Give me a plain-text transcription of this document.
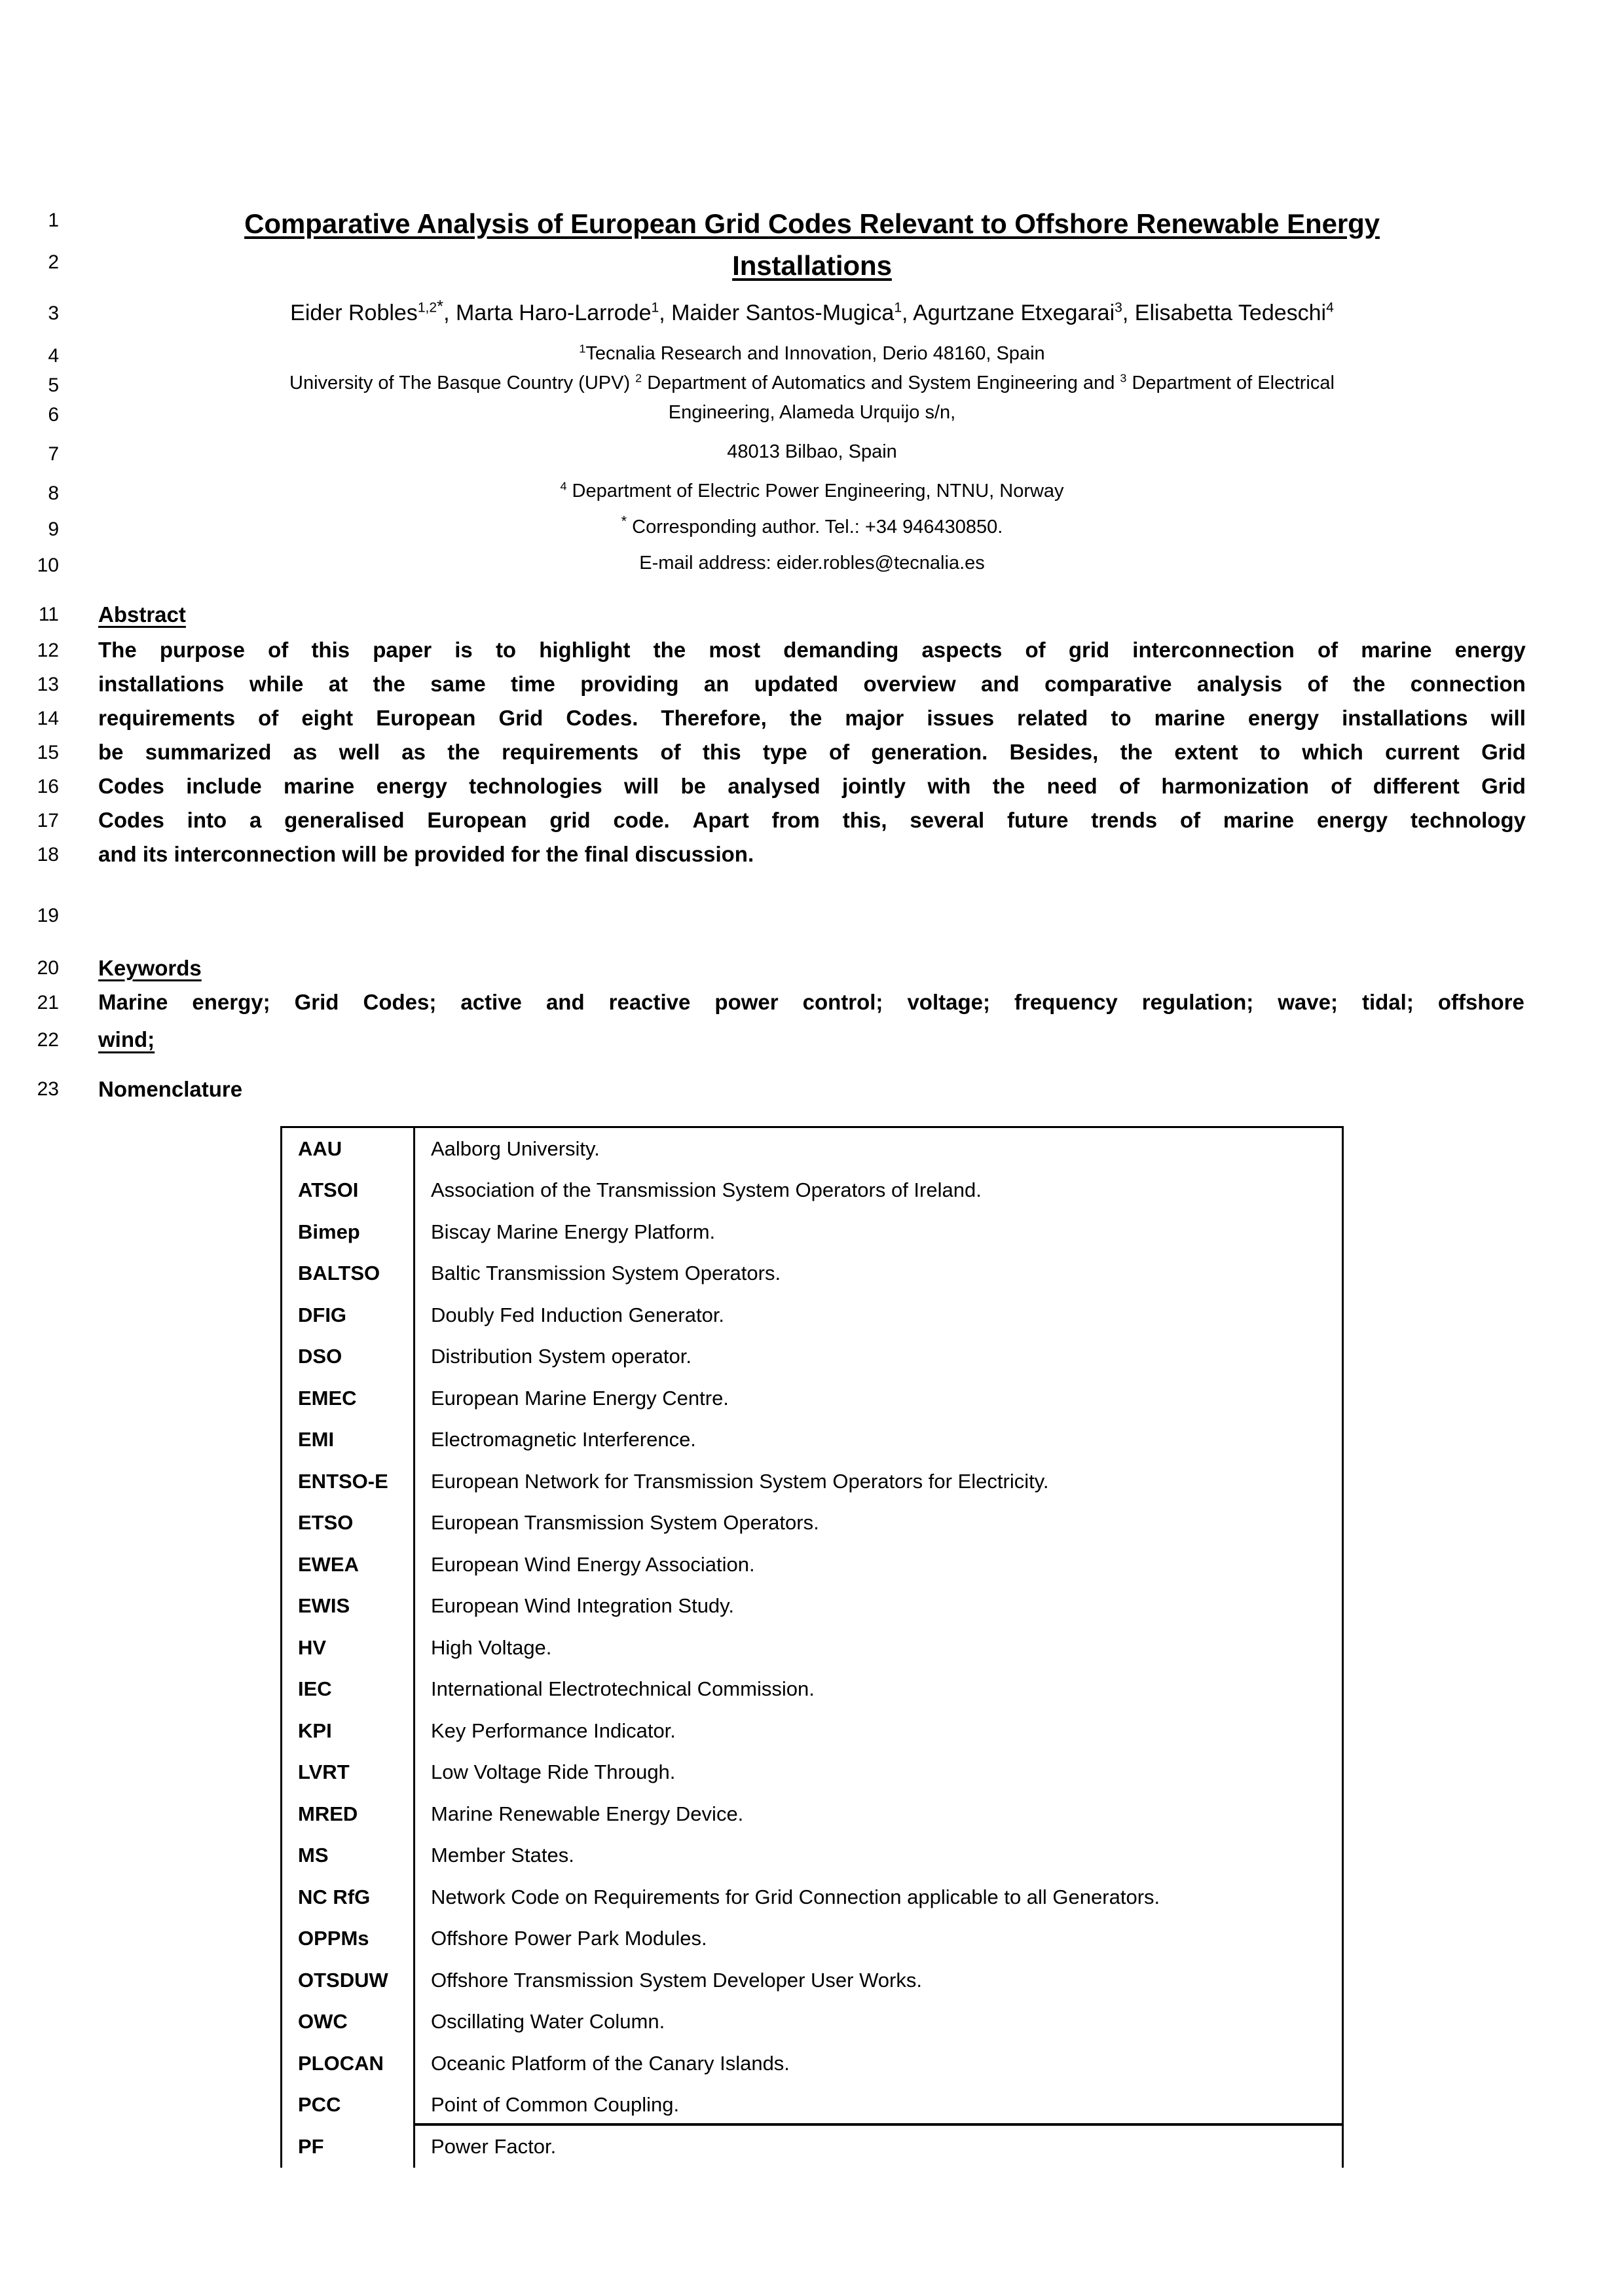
1
2
3
4
5
6
7
8
9
10
11
12
13
14
15
16
17
18
19
20
21
22
23
Comparative Analysis of European Grid Codes Relevant to Offshore Renewable Energy
Installations
Eider Robles$^{1,2*}$, Marta Haro-Larrode$^1$, Maider Santos-Mugica$^1$, Agurtzane Etxegarai$^3$, Elisabetta Tedeschi$^4$
$^1$Tecnalia Research and Innovation, Derio 48160, Spain
University of The Basque Country (UPV) $^2$ Department of Automatics and System Engineering and $^3$ Department of Electrical
Engineering, Alameda Urquijo s/n,
48013 Bilbao, Spain
$^4$ Department of Electric Power Engineering, NTNU, Norway
* Corresponding author. Tel.: +34 946430850.
E-mail address: eider.robles@tecnalia.es
Abstract
The purpose of this paper is to highlight the most demanding aspects of grid interconnection of marine energy
installations while at the same time providing an updated overview and comparative analysis of the connection
requirements of eight European Grid Codes. Therefore, the major issues related to marine energy installations will
be summarized as well as the requirements of this type of generation. Besides, the extent to which current Grid
Codes include marine energy technologies will be analysed jointly with the need of harmonization of different Grid
Codes into a generalised European grid code. Apart from this, several future trends of marine energy technology
and its interconnection will be provided for the final discussion.
Keywords
Marine energy; Grid Codes; active and reactive power control; voltage; frequency regulation; wave; tidal; offshore
wind;
Nomenclature
AAU	Aalborg University.
ATSOI	Association of the Transmission System Operators of Ireland.
Bimep	Biscay Marine Energy Platform.
BALTSO	Baltic Transmission System Operators.
DFIG	Doubly Fed Induction Generator.
DSO	Distribution System operator.
EMEC	European Marine Energy Centre.
EMI	Electromagnetic Interference.
ENTSO-E	European Network for Transmission System Operators for Electricity.
ETSO	European Transmission System Operators.
EWEA	European Wind Energy Association.
EWIS	European Wind Integration Study.
HV	High Voltage.
IEC	International Electrotechnical Commission.
KPI	Key Performance Indicator.
LVRT	Low Voltage Ride Through.
MRED	Marine Renewable Energy Device.
MS	Member States.
NC RfG	Network Code on Requirements for Grid Connection applicable to all Generators.
OPPMs	Offshore Power Park Modules.
OTSDUW	Offshore Transmission System Developer User Works.
OWC	Oscillating Water Column.
PLOCAN	Oceanic Platform of the Canary Islands.
PCC	Point of Common Coupling.
PF	Power Factor.
